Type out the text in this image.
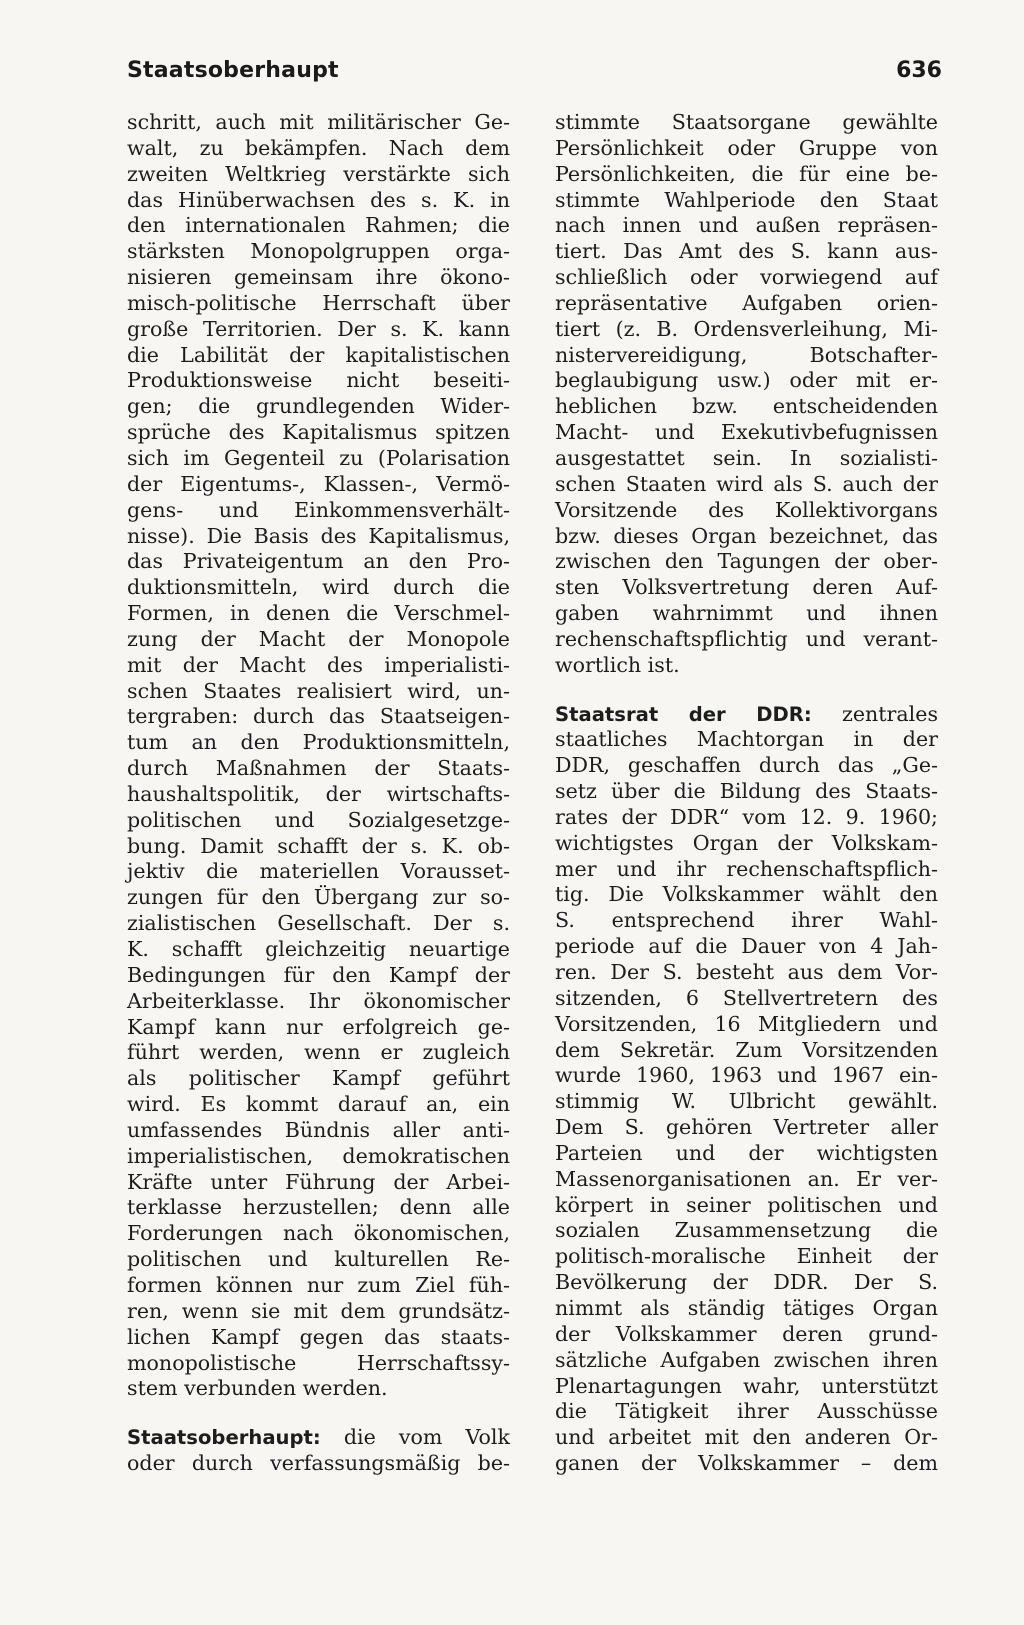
Staatsoberhaupt	636
schritt, auch mit militärischer Ge-
walt, zu bekämpfen. Nach dem
zweiten Weltkrieg verstärkte sich
das Hinüberwachsen des s. K. in
den internationalen Rahmen; die
stärksten Monopolgruppen orga-
nisieren gemeinsam ihre ökono-
misch-politische Herrschaft über
große Territorien. Der s. K. kann
die Labilität der kapitalistischen
Produktionsweise nicht beseiti-
gen; die grundlegenden Wider-
sprüche des Kapitalismus spitzen
sich im Gegenteil zu (Polarisation
der Eigentums-, Klassen-, Vermö-
gens- und Einkommensverhält-
nisse). Die Basis des Kapitalismus,
das Privateigentum an den Pro-
duktionsmitteln, wird durch die
Formen, in denen die Verschmel-
zung der Macht der Monopole
mit der Macht des imperialisti-
schen Staates realisiert wird, un-
tergraben: durch das Staatseigen-
tum an den Produktionsmitteln,
durch Maßnahmen der Staats-
haushaltspolitik, der wirtschafts-
politischen und Sozialgesetzge-
bung. Damit schafft der s. K. ob-
jektiv die materiellen Vorausset-
zungen für den Übergang zur so-
zialistischen Gesellschaft. Der s.
K. schafft gleichzeitig neuartige
Bedingungen für den Kampf der
Arbeiterklasse. Ihr ökonomischer
Kampf kann nur erfolgreich ge-
führt werden, wenn er zugleich
als politischer Kampf geführt
wird. Es kommt darauf an, ein
umfassendes Bündnis aller anti-
imperialistischen, demokratischen
Kräfte unter Führung der Arbei-
terklasse herzustellen; denn alle
Forderungen nach ökonomischen,
politischen und kulturellen Re-
formen können nur zum Ziel füh-
ren, wenn sie mit dem grundsätz-
lichen Kampf gegen das staats-
monopolistische Herrschaftssy-
stem verbunden werden.
Staatsoberhaupt: die vom Volk
oder durch verfassungsmäßig be-
stimmte Staatsorgane gewählte
Persönlichkeit oder Gruppe von
Persönlichkeiten, die für eine be-
stimmte Wahlperiode den Staat
nach innen und außen repräsen-
tiert. Das Amt des S. kann aus-
schließlich oder vorwiegend auf
repräsentative Aufgaben orien-
tiert (z. B. Ordensverleihung, Mi-
nistervereidigung, Botschafter-
beglaubigung usw.) oder mit er-
heblichen bzw. entscheidenden
Macht- und Exekutivbefugnissen
ausgestattet sein. In sozialisti-
schen Staaten wird als S. auch der
Vorsitzende des Kollektivorgans
bzw. dieses Organ bezeichnet, das
zwischen den Tagungen der ober-
sten Volksvertretung deren Auf-
gaben wahrnimmt und ihnen
rechenschaftspflichtig und verant-
wortlich ist.
Staatsrat der DDR: zentrales
staatliches Machtorgan in der
DDR, geschaffen durch das „Ge-
setz über die Bildung des Staats-
rates der DDR“ vom 12. 9. 1960;
wichtigstes Organ der Volkskam-
mer und ihr rechenschaftspflich-
tig. Die Volkskammer wählt den
S. entsprechend ihrer Wahl-
periode auf die Dauer von 4 Jah-
ren. Der S. besteht aus dem Vor-
sitzenden, 6 Stellvertretern des
Vorsitzenden, 16 Mitgliedern und
dem Sekretär. Zum Vorsitzenden
wurde 1960, 1963 und 1967 ein-
stimmig W. Ulbricht gewählt.
Dem S. gehören Vertreter aller
Parteien und der wichtigsten
Massenorganisationen an. Er ver-
körpert in seiner politischen und
sozialen Zusammensetzung die
politisch-moralische Einheit der
Bevölkerung der DDR. Der S.
nimmt als ständig tätiges Organ
der Volkskammer deren grund-
sätzliche Aufgaben zwischen ihren
Plenartagungen wahr, unterstützt
die Tätigkeit ihrer Ausschüsse
und arbeitet mit den anderen Or-
ganen der Volkskammer – dem
